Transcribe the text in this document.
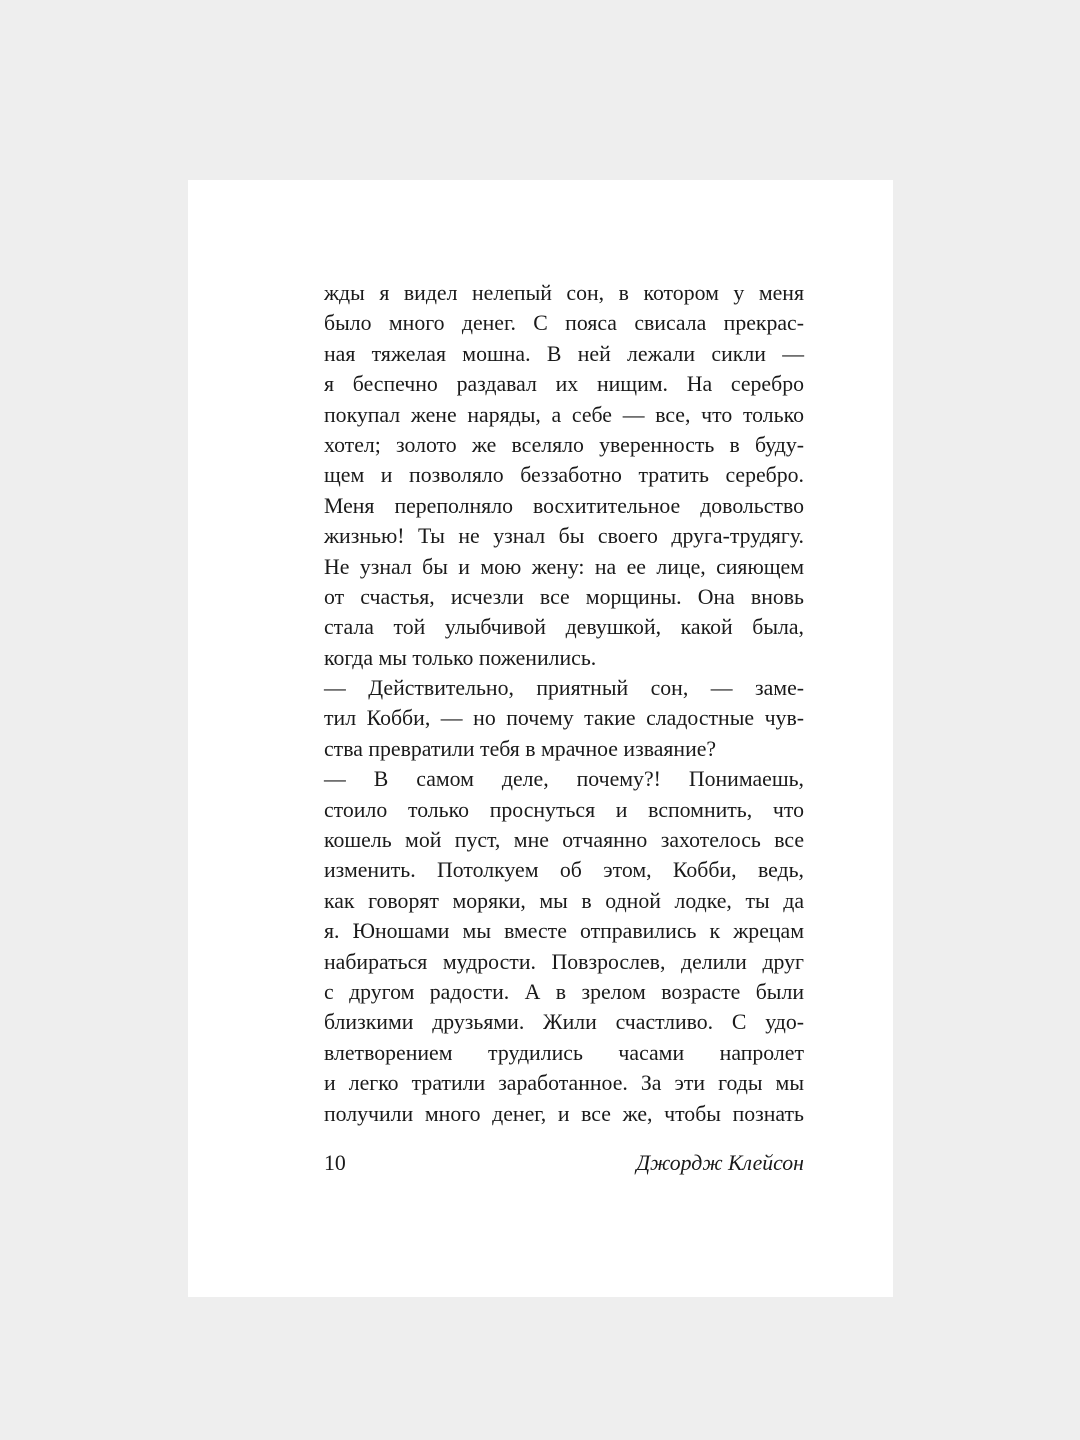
жды я видел нелепый сон, в котором у меня
было много денег. С пояса свисала прекрас-
ная тяжелая мошна. В ней лежали сикли —
я беспечно раздавал их нищим. На серебро
покупал жене наряды, а себе — все, что только
хотел; золото же вселяло уверенность в буду-
щем и позволяло беззаботно тратить серебро.
Меня переполняло восхитительное довольство
жизнью! Ты не узнал бы своего друга-трудягу.
Не узнал бы и мою жену: на ее лице, сияющем
от счастья, исчезли все морщины. Она вновь
стала той улыбчивой девушкой, какой была,
когда мы только поженились.
— Действительно, приятный сон, — заме-
тил Кобби, — но почему такие сладостные чув-
ства превратили тебя в мрачное изваяние?
— В самом деле, почему?! Понимаешь,
стоило только проснуться и вспомнить, что
кошель мой пуст, мне отчаянно захотелось все
изменить. Потолкуем об этом, Кобби, ведь,
как говорят моряки, мы в одной лодке, ты да
я. Юношами мы вместе отправились к жрецам
набираться мудрости. Повзрослев, делили друг
с другом радости. А в зрелом возрасте были
близкими друзьями. Жили счастливо. С удо-
влетворением трудились часами напролет
и легко тратили заработанное. За эти годы мы
получили много денег, и все же, чтобы познать
10	Джордж Клейсон
